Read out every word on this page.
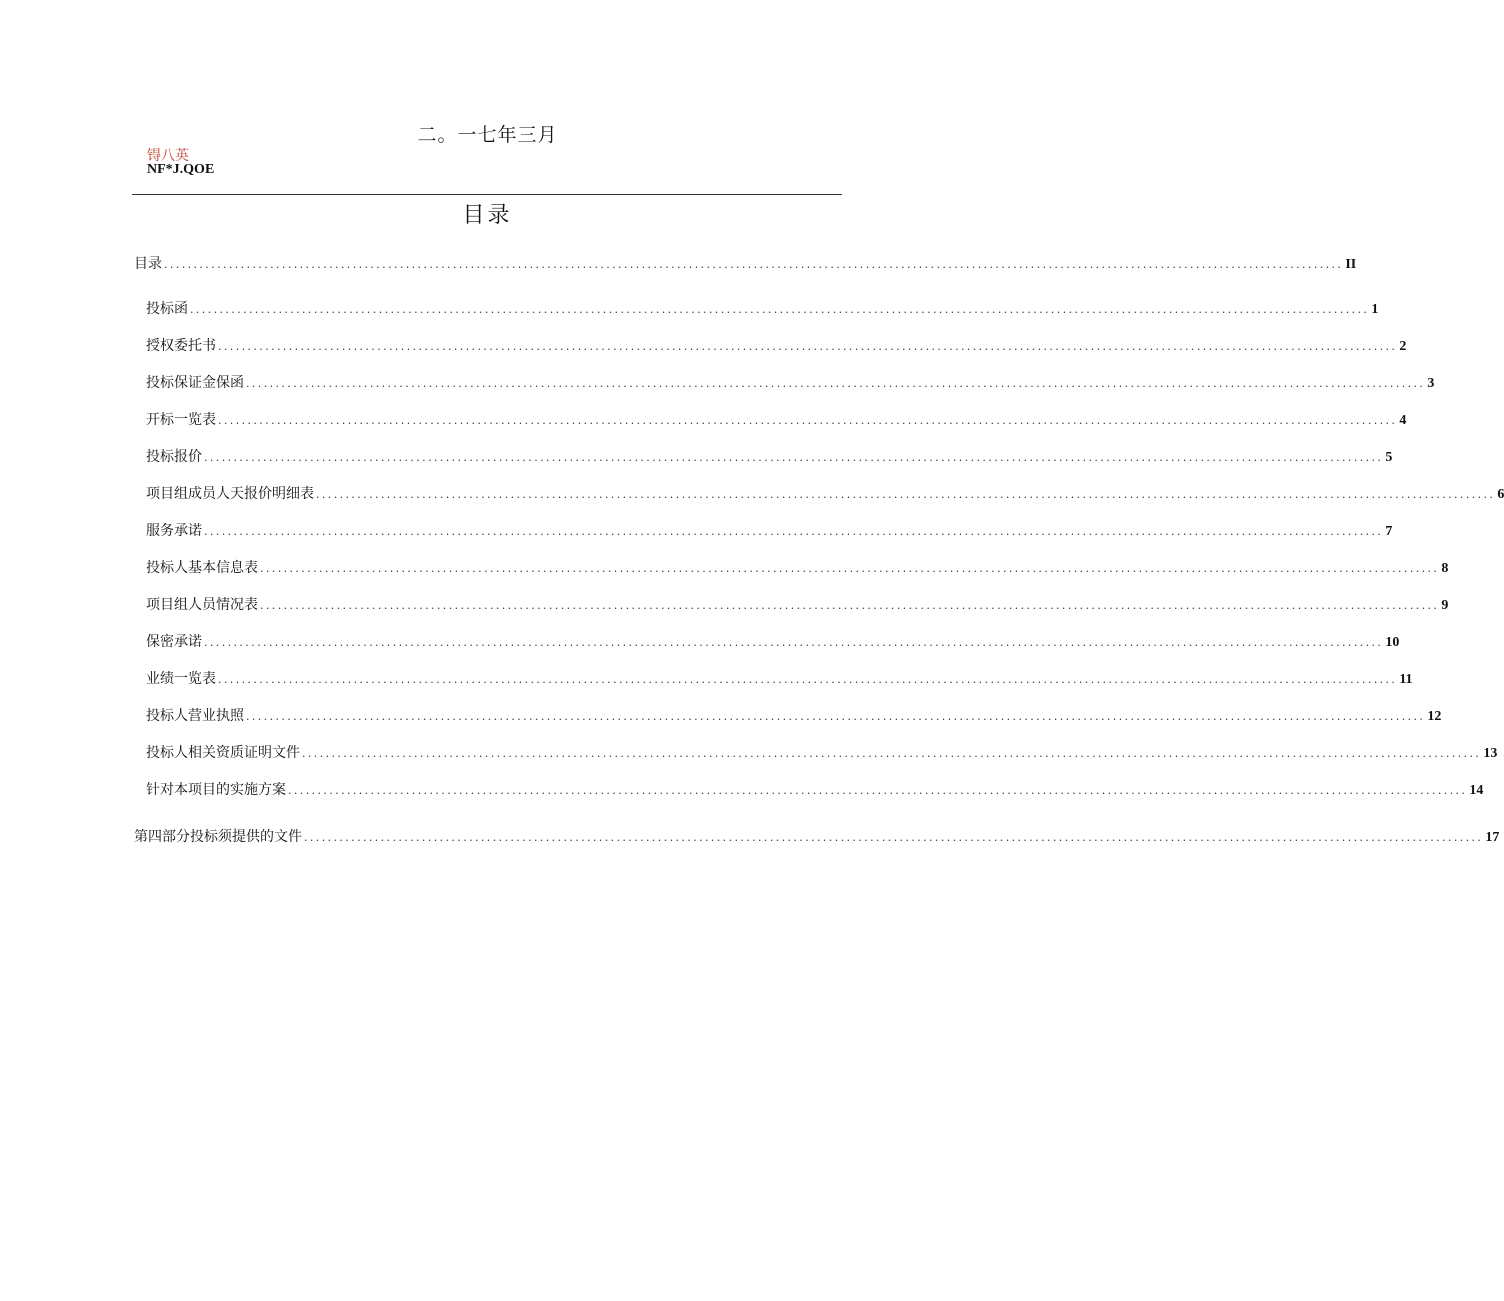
二。一七年三月
锝八英
NF*J.QOE
目录
目录 ........................................................................................................................................................................................................ II
投标函 ........................................................................................................................................................................................................ 1
授权委托书 ........................................................................................................................................................................................................ 2
投标保证金保函 ........................................................................................................................................................................................................ 3
开标一览表 ........................................................................................................................................................................................................ 4
投标报价 ........................................................................................................................................................................................................ 5
项目组成员人天报价明细表 ........................................................................................................................................................................................................ 6
服务承诺 ........................................................................................................................................................................................................ 7
投标人基本信息表 ........................................................................................................................................................................................................ 8
项目组人员情况表 ........................................................................................................................................................................................................ 9
保密承诺 ........................................................................................................................................................................................................ 10
业绩一览表 ........................................................................................................................................................................................................ 11
投标人营业执照 ........................................................................................................................................................................................................ 12
投标人相关资质证明文件 ........................................................................................................................................................................................................ 13
针对本项目的实施方案 ........................................................................................................................................................................................................ 14
第四部分投标须提供的文件 ........................................................................................................................................................................................................ 17
